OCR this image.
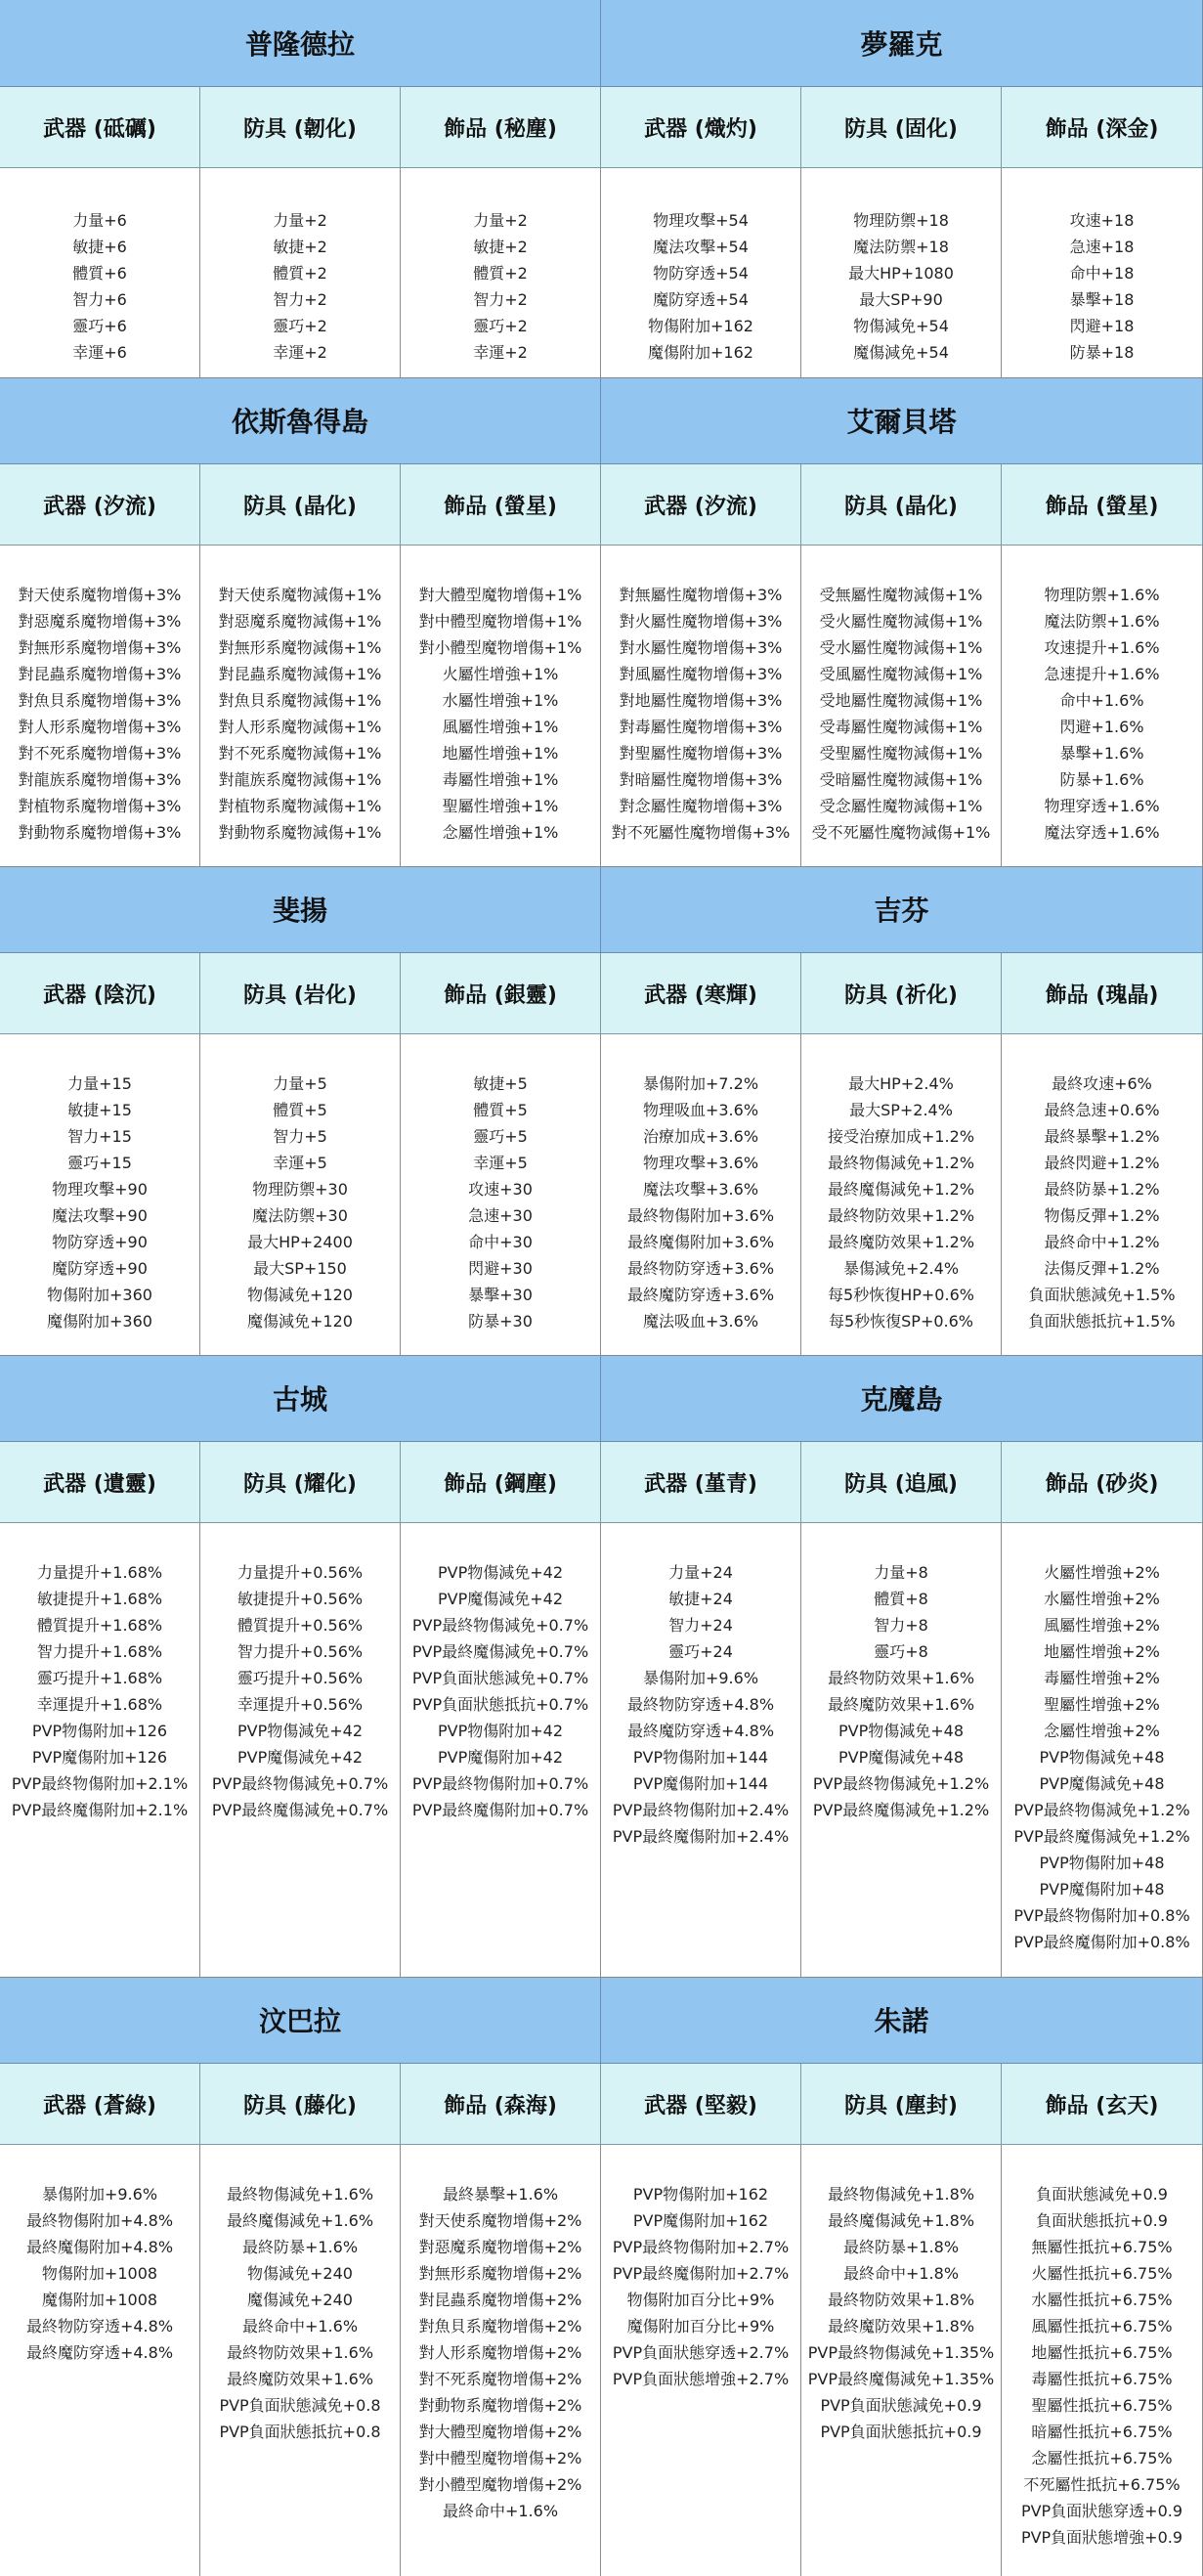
普隆德拉
武器 (砥礪)
力量+6
敏捷+6
體質+6
智力+6
靈巧+6
幸運+6
防具 (韌化)
力量+2
敏捷+2
體質+2
智力+2
靈巧+2
幸運+2
飾品 (秘塵)
力量+2
敏捷+2
體質+2
智力+2
靈巧+2
幸運+2
夢羅克
武器 (熾灼)
物理攻擊+54
魔法攻擊+54
物防穿透+54
魔防穿透+54
物傷附加+162
魔傷附加+162
防具 (固化)
物理防禦+18
魔法防禦+18
最大HP+1080
最大SP+90
物傷減免+54
魔傷減免+54
飾品 (深金)
攻速+18
急速+18
命中+18
暴擊+18
閃避+18
防暴+18
依斯魯得島
武器 (汐流)
對天使系魔物增傷+3%
對惡魔系魔物增傷+3%
對無形系魔物增傷+3%
對昆蟲系魔物增傷+3%
對魚貝系魔物增傷+3%
對人形系魔物增傷+3%
對不死系魔物增傷+3%
對龍族系魔物增傷+3%
對植物系魔物增傷+3%
對動物系魔物增傷+3%
防具 (晶化)
對天使系魔物減傷+1%
對惡魔系魔物減傷+1%
對無形系魔物減傷+1%
對昆蟲系魔物減傷+1%
對魚貝系魔物減傷+1%
對人形系魔物減傷+1%
對不死系魔物減傷+1%
對龍族系魔物減傷+1%
對植物系魔物減傷+1%
對動物系魔物減傷+1%
飾品 (螢星)
對大體型魔物增傷+1%
對中體型魔物增傷+1%
對小體型魔物增傷+1%
火屬性增強+1%
水屬性增強+1%
風屬性增強+1%
地屬性增強+1%
毒屬性增強+1%
聖屬性增強+1%
念屬性增強+1%
艾爾貝塔
武器 (汐流)
對無屬性魔物增傷+3%
對火屬性魔物增傷+3%
對水屬性魔物增傷+3%
對風屬性魔物增傷+3%
對地屬性魔物增傷+3%
對毒屬性魔物增傷+3%
對聖屬性魔物增傷+3%
對暗屬性魔物增傷+3%
對念屬性魔物增傷+3%
對不死屬性魔物增傷+3%
防具 (晶化)
受無屬性魔物減傷+1%
受火屬性魔物減傷+1%
受水屬性魔物減傷+1%
受風屬性魔物減傷+1%
受地屬性魔物減傷+1%
受毒屬性魔物減傷+1%
受聖屬性魔物減傷+1%
受暗屬性魔物減傷+1%
受念屬性魔物減傷+1%
受不死屬性魔物減傷+1%
飾品 (螢星)
物理防禦+1.6%
魔法防禦+1.6%
攻速提升+1.6%
急速提升+1.6%
命中+1.6%
閃避+1.6%
暴擊+1.6%
防暴+1.6%
物理穿透+1.6%
魔法穿透+1.6%
斐揚
武器 (陰沉)
力量+15
敏捷+15
智力+15
靈巧+15
物理攻擊+90
魔法攻擊+90
物防穿透+90
魔防穿透+90
物傷附加+360
魔傷附加+360
防具 (岩化)
力量+5
體質+5
智力+5
幸運+5
物理防禦+30
魔法防禦+30
最大HP+2400
最大SP+150
物傷減免+120
魔傷減免+120
飾品 (銀靈)
敏捷+5
體質+5
靈巧+5
幸運+5
攻速+30
急速+30
命中+30
閃避+30
暴擊+30
防暴+30
吉芬
武器 (寒輝)
暴傷附加+7.2%
物理吸血+3.6%
治療加成+3.6%
物理攻擊+3.6%
魔法攻擊+3.6%
最終物傷附加+3.6%
最終魔傷附加+3.6%
最終物防穿透+3.6%
最終魔防穿透+3.6%
魔法吸血+3.6%
防具 (祈化)
最大HP+2.4%
最大SP+2.4%
接受治療加成+1.2%
最終物傷減免+1.2%
最終魔傷減免+1.2%
最終物防效果+1.2%
最終魔防效果+1.2%
暴傷減免+2.4%
每5秒恢復HP+0.6%
每5秒恢復SP+0.6%
飾品 (瑰晶)
最終攻速+6%
最終急速+0.6%
最終暴擊+1.2%
最終閃避+1.2%
最終防暴+1.2%
物傷反彈+1.2%
最終命中+1.2%
法傷反彈+1.2%
負面狀態減免+1.5%
負面狀態抵抗+1.5%
古城
武器 (遺靈)
力量提升+1.68%
敏捷提升+1.68%
體質提升+1.68%
智力提升+1.68%
靈巧提升+1.68%
幸運提升+1.68%
PVP物傷附加+126
PVP魔傷附加+126
PVP最終物傷附加+2.1%
PVP最終魔傷附加+2.1%
防具 (耀化)
力量提升+0.56%
敏捷提升+0.56%
體質提升+0.56%
智力提升+0.56%
靈巧提升+0.56%
幸運提升+0.56%
PVP物傷減免+42
PVP魔傷減免+42
PVP最終物傷減免+0.7%
PVP最終魔傷減免+0.7%
飾品 (鋼塵)
PVP物傷減免+42
PVP魔傷減免+42
PVP最終物傷減免+0.7%
PVP最終魔傷減免+0.7%
PVP負面狀態減免+0.7%
PVP負面狀態抵抗+0.7%
PVP物傷附加+42
PVP魔傷附加+42
PVP最終物傷附加+0.7%
PVP最終魔傷附加+0.7%
克魔島
武器 (堇青)
力量+24
敏捷+24
智力+24
靈巧+24
暴傷附加+9.6%
最終物防穿透+4.8%
最終魔防穿透+4.8%
PVP物傷附加+144
PVP魔傷附加+144
PVP最終物傷附加+2.4%
PVP最終魔傷附加+2.4%
防具 (追風)
力量+8
體質+8
智力+8
靈巧+8
最終物防效果+1.6%
最終魔防效果+1.6%
PVP物傷減免+48
PVP魔傷減免+48
PVP最終物傷減免+1.2%
PVP最終魔傷減免+1.2%
飾品 (砂炎)
火屬性增強+2%
水屬性增強+2%
風屬性增強+2%
地屬性增強+2%
毒屬性增強+2%
聖屬性增強+2%
念屬性增強+2%
PVP物傷減免+48
PVP魔傷減免+48
PVP最終物傷減免+1.2%
PVP最終魔傷減免+1.2%
PVP物傷附加+48
PVP魔傷附加+48
PVP最終物傷附加+0.8%
PVP最終魔傷附加+0.8%
汶巴拉
武器 (蒼綠)
暴傷附加+9.6%
最終物傷附加+4.8%
最終魔傷附加+4.8%
物傷附加+1008
魔傷附加+1008
最終物防穿透+4.8%
最終魔防穿透+4.8%
防具 (藤化)
最終物傷減免+1.6%
最終魔傷減免+1.6%
最終防暴+1.6%
物傷減免+240
魔傷減免+240
最終命中+1.6%
最終物防效果+1.6%
最終魔防效果+1.6%
PVP負面狀態減免+0.8
PVP負面狀態抵抗+0.8
飾品 (森海)
最終暴擊+1.6%
對天使系魔物增傷+2%
對惡魔系魔物增傷+2%
對無形系魔物增傷+2%
對昆蟲系魔物增傷+2%
對魚貝系魔物增傷+2%
對人形系魔物增傷+2%
對不死系魔物增傷+2%
對動物系魔物增傷+2%
對大體型魔物增傷+2%
對中體型魔物增傷+2%
對小體型魔物增傷+2%
最終命中+1.6%
朱諾
武器 (堅毅)
PVP物傷附加+162
PVP魔傷附加+162
PVP最終物傷附加+2.7%
PVP最終魔傷附加+2.7%
物傷附加百分比+9%
魔傷附加百分比+9%
PVP負面狀態穿透+2.7%
PVP負面狀態增強+2.7%
防具 (塵封)
最終物傷減免+1.8%
最終魔傷減免+1.8%
最終防暴+1.8%
最終命中+1.8%
最終物防效果+1.8%
最終魔防效果+1.8%
PVP最終物傷減免+1.35%
PVP最終魔傷減免+1.35%
PVP負面狀態減免+0.9
PVP負面狀態抵抗+0.9
飾品 (玄天)
負面狀態減免+0.9
負面狀態抵抗+0.9
無屬性抵抗+6.75%
火屬性抵抗+6.75%
水屬性抵抗+6.75%
風屬性抵抗+6.75%
地屬性抵抗+6.75%
毒屬性抵抗+6.75%
聖屬性抵抗+6.75%
暗屬性抵抗+6.75%
念屬性抵抗+6.75%
不死屬性抵抗+6.75%
PVP負面狀態穿透+0.9
PVP負面狀態增強+0.9
